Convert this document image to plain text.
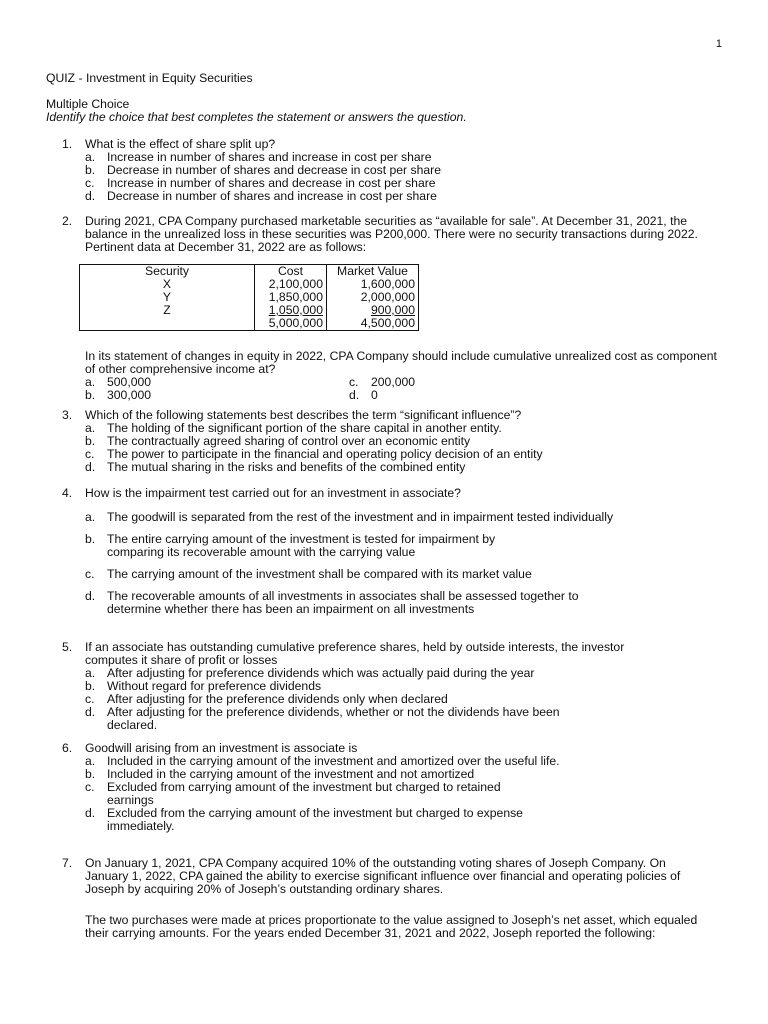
1
QUIZ - Investment in Equity Securities
Multiple Choice
Identify the choice that best completes the statement or answers the question.
1.	What is the effect of share split up?
a. Increase in number of shares and increase in cost per share
b. Decrease in number of shares and decrease in cost per share
c.	Increase in number of shares and decrease in cost per share
d. Decrease in number of shares and increase in cost per share
2.	During 2021, CPA Company purchased marketable securities as “available for sale”. At December 31, 2021, the balance in the unrealized loss in these securities was P200,000. There were no security transactions during 2022. Pertinent data at December 31, 2022 are as follows:
Security	Cost	Market Value
X	2,100,000	1,600,000
Y	1,850,000	2,000,000
Z	1,050,000	900,000
	5,000,000	4,500,000
In its statement of changes in equity in 2022, CPA Company should include cumulative unrealized cost as component of other comprehensive income at?
a. 500,000	c.	200,000
b. 300,000	d. 0
3.	Which of the following statements best describes the term “significant influence”?
a. The holding of the significant portion of the share capital in another entity.
b. The contractually agreed sharing of control over an economic entity
c.	The power to participate in the financial and operating policy decision of an entity
d. The mutual sharing in the risks and benefits of the combined entity
4.	How is the impairment test carried out for an investment in associate?
a. The goodwill is separated from the rest of the investment and in impairment tested individually
b. The entire carrying amount of the investment is tested for impairment by comparing its recoverable amount with the carrying value
c.	The carrying amount of the investment shall be compared with its market value
d. The recoverable amounts of all investments in associates shall be assessed together to determine whether there has been an impairment on all investments
5.	If an associate has outstanding cumulative preference shares, held by outside interests, the investor computes it share of profit or losses
a. After adjusting for preference dividends which was actually paid during the year
b. Without regard for preference dividends
c.	After adjusting for the preference dividends only when declared
d. After adjusting for the preference dividends, whether or not the dividends have been declared.
6.	Goodwill arising from an investment is associate is
a. Included in the carrying amount of the investment and amortized over the useful life.
b. Included in the carrying amount of the investment and not amortized
c.	Excluded from carrying amount of the investment but charged to retained earnings
d. Excluded from the carrying amount of the investment but charged to expense immediately.
7.	On January 1, 2021, CPA Company acquired 10% of the outstanding voting shares of Joseph Company. On January 1, 2022, CPA gained the ability to exercise significant influence over financial and operating policies of Joseph by acquiring 20% of Joseph’s outstanding ordinary shares.
The two purchases were made at prices proportionate to the value assigned to Joseph’s net asset, which equaled their carrying amounts. For the years ended December 31, 2021 and 2022, Joseph reported the following:
